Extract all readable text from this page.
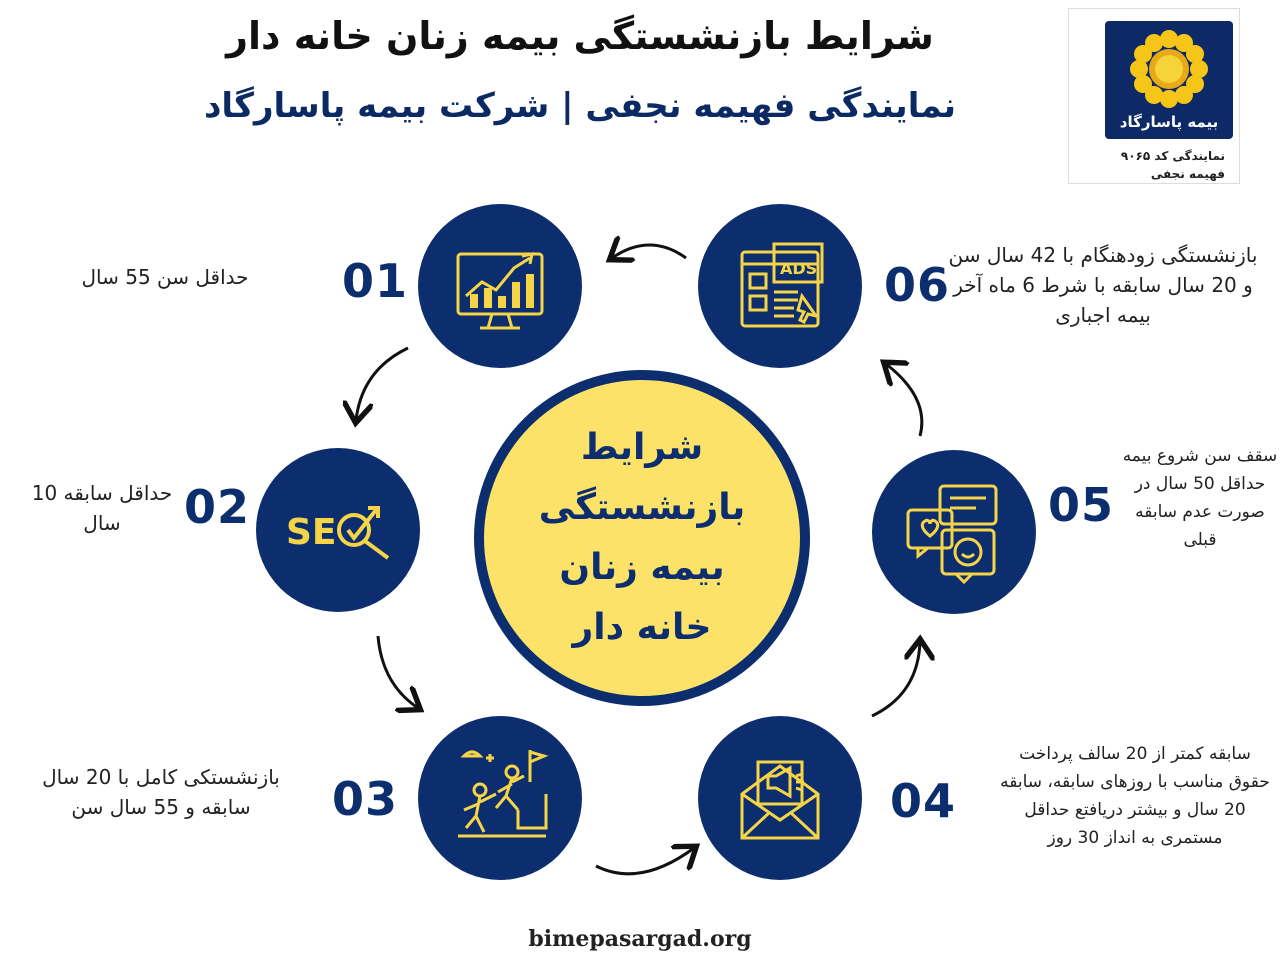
شرایط بازنشستگی بیمه زنان خانه دار
نمایندگی فهیمه نجفی | شرکت بیمه پاسارگاد	بیمه پاسارگاد
نمایندگی کد ۹۰۶۵
فهیمه نجفی
شرایط بازنشستگی بیمه زنان خانه دار
01
حداقل سن 55 سال
SE
02
حداقل سابقه 10 سال
03
بازنشستکی کامل با 20 سال سابقه و 55 سال سن	04
سابقه کمتر از 20 سالف پرداخت حقوق مناسب با روزهای سابقه، سابقه 20 سال و بیشتر دریافتع حداقل مستمری به انداز 30 روز
05
سقف سن شروع بیمه حداقل 50 سال در صورت عدم سابقه قبلی
ADS 06
بازنشستگی زودهنگام با 42 سال سن و 20 سال سابقه با شرط 6 ماه آخر بیمه اجباری
bimepasargad.org
